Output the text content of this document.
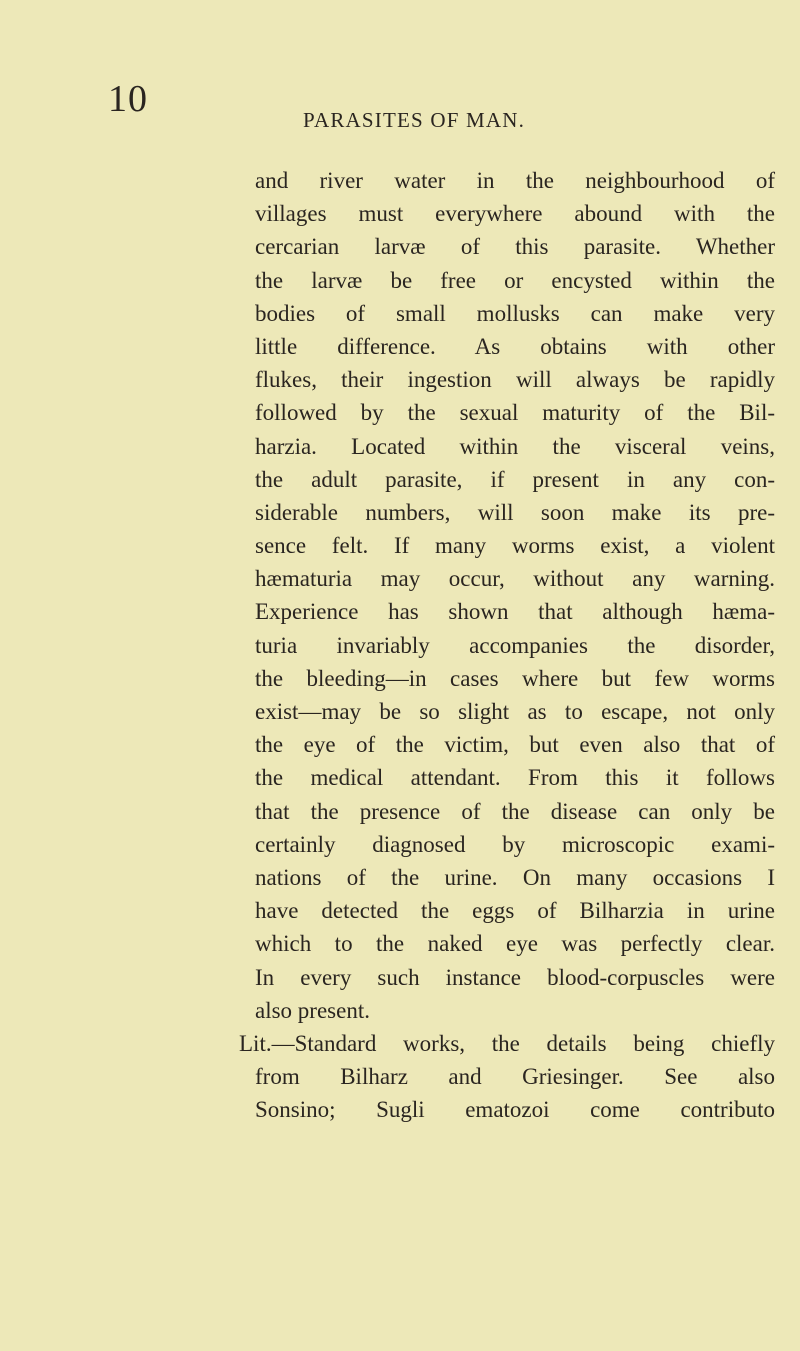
10	PARASITES OF MAN.
and river water in the neighbourhood of
villages must everywhere abound with the
cercarian larvæ of this parasite. Whether
the larvæ be free or encysted within the
bodies of small mollusks can make very
little difference. As obtains with other
flukes, their ingestion will always be rapidly
followed by the sexual maturity of the Bil-
harzia. Located within the visceral veins,
the adult parasite, if present in any con-
siderable numbers, will soon make its pre-
sence felt. If many worms exist, a violent
hæmaturia may occur, without any warning.
Experience has shown that although hæma-
turia invariably accompanies the disorder,
the bleeding—in cases where but few worms
exist—may be so slight as to escape, not only
the eye of the victim, but even also that of
the medical attendant. From this it follows
that the presence of the disease can only be
certainly diagnosed by microscopic exami-
nations of the urine. On many occasions I
have detected the eggs of Bilharzia in urine
which to the naked eye was perfectly clear.
In every such instance blood-corpuscles were
also present.
Lit.—Standard works, the details being chiefly
from Bilharz and Griesinger. See also
Sonsino; Sugli ematozoi come contributo
